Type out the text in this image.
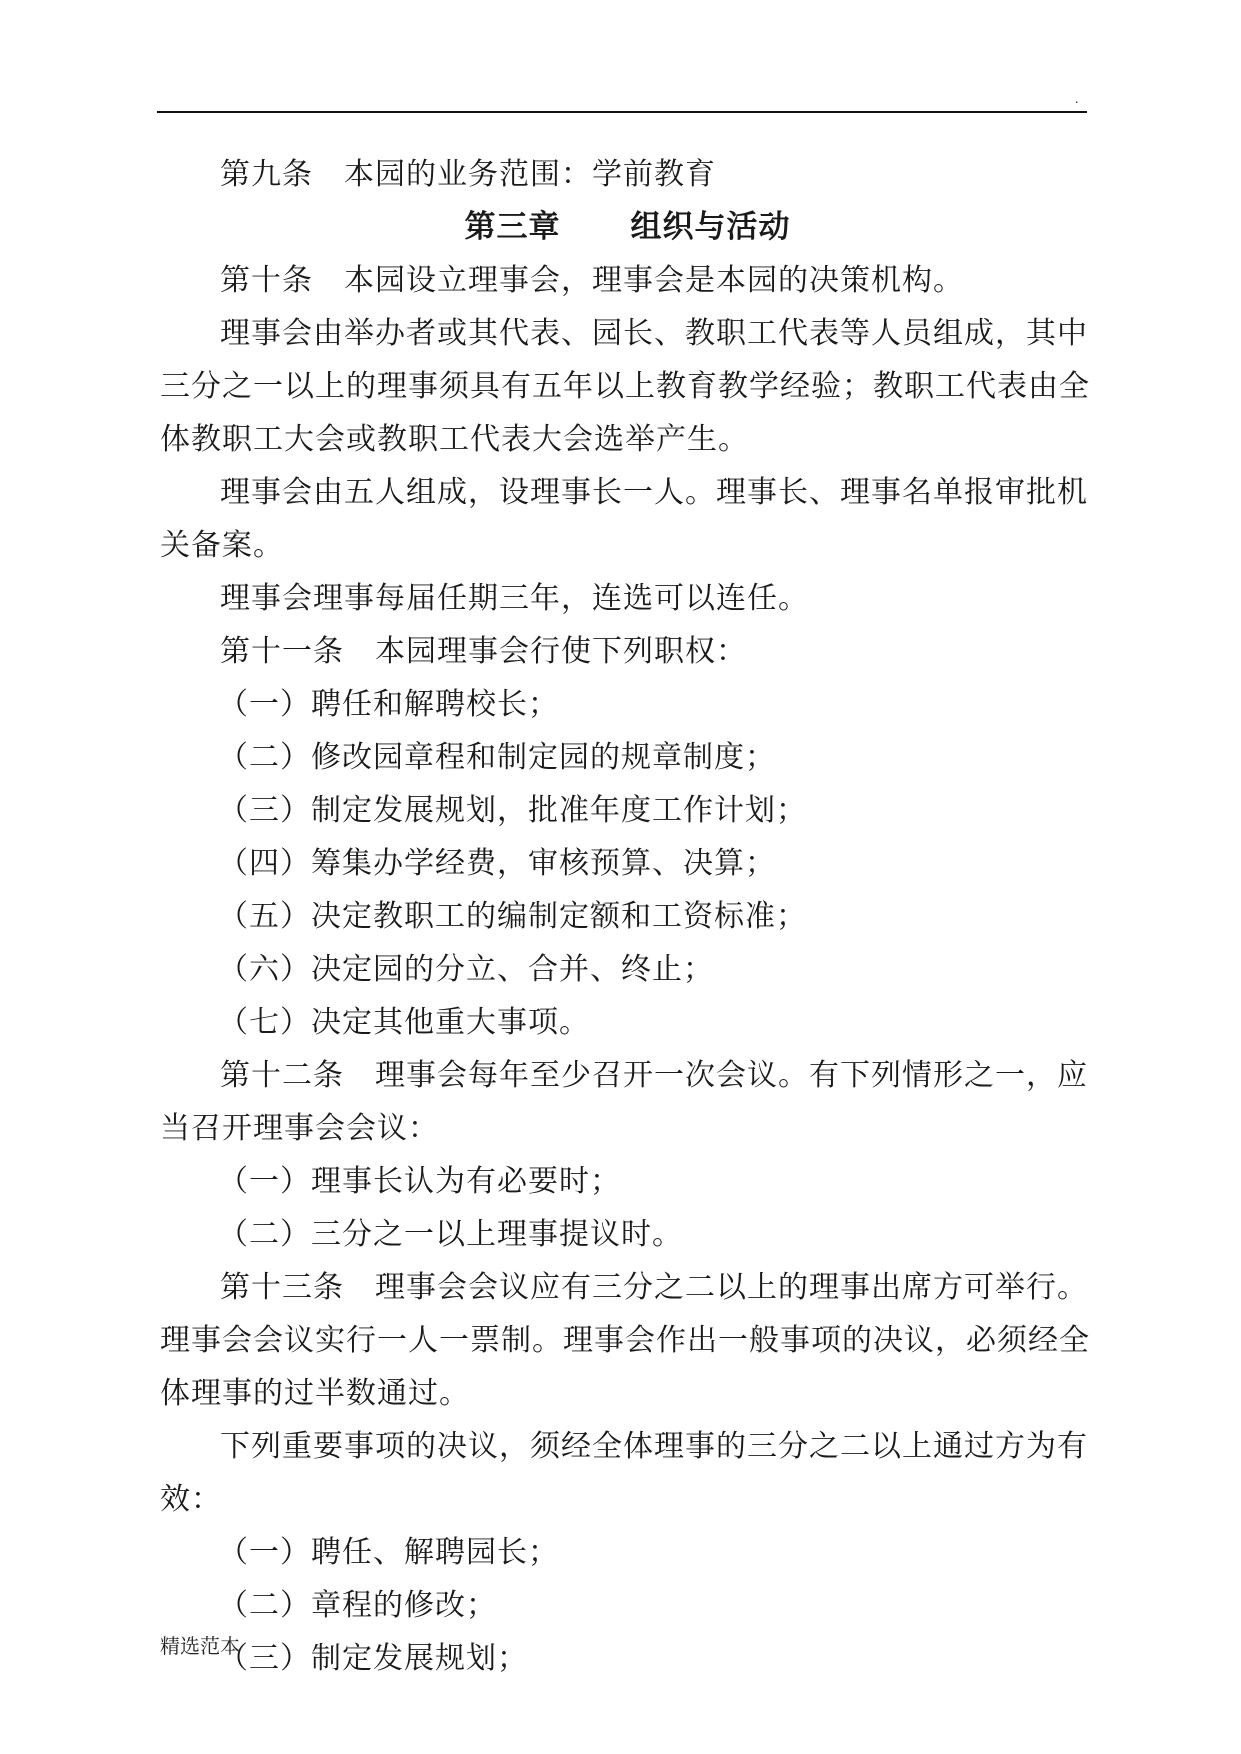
.

第九条　本园的业务范围：学前教育

第三章 组织与活动

第十条　本园设立理事会，理事会是本园的决策机构。

理事会由举办者或其代表、园长、教职工代表等人员组成，其中三分之一以上的理事须具有五年以上教育教学经验；教职工代表由全体教职工大会或教职工代表大会选举产生。

理事会由五人组成，设理事长一人。理事长、理事名单报审批机关备案。

理事会理事每届任期三年，连选可以连任。

第十一条　本园理事会行使下列职权：

（一）聘任和解聘校长；

（二）修改园章程和制定园的规章制度；

（三）制定发展规划，批准年度工作计划；

（四）筹集办学经费，审核预算、决算；

（五）决定教职工的编制定额和工资标准；

（六）决定园的分立、合并、终止；

（七）决定其他重大事项。

第十二条　理事会每年至少召开一次会议。有下列情形之一，应当召开理事会会议：

（一）理事长认为有必要时；

（二）三分之一以上理事提议时。

第十三条　理事会会议应有三分之二以上的理事出席方可举行。理事会会议实行一人一票制。理事会作出一般事项的决议，必须经全体理事的过半数通过。

下列重要事项的决议，须经全体理事的三分之二以上通过方为有效：

（一）聘任、解聘园长；

（二）章程的修改；

（三）制定发展规划；

精选范本
